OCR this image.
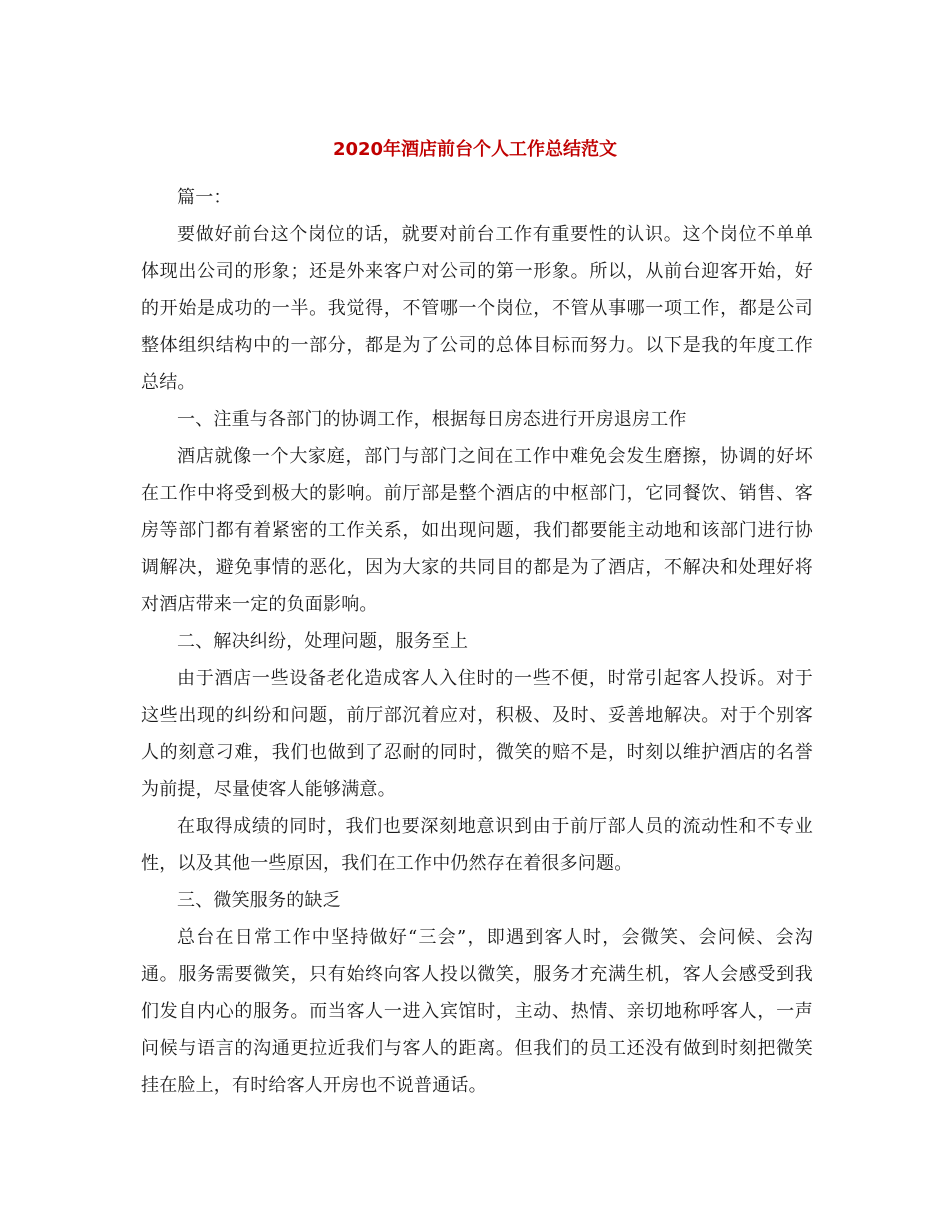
2020年酒店前台个人工作总结范文

篇一：

要做好前台这个岗位的话，就要对前台工作有重要性的认识。这个岗位不单单体现出公司的形象；还是外来客户对公司的第一形象。所以，从前台迎客开始，好的开始是成功的一半。我觉得，不管哪一个岗位，不管从事哪一项工作，都是公司整体组织结构中的一部分，都是为了公司的总体目标而努力。以下是我的年度工作总结。

一、注重与各部门的协调工作，根据每日房态进行开房退房工作

酒店就像一个大家庭，部门与部门之间在工作中难免会发生磨擦，协调的好坏在工作中将受到极大的影响。前厅部是整个酒店的中枢部门，它同餐饮、销售、客房等部门都有着紧密的工作关系，如出现问题，我们都要能主动地和该部门进行协调解决，避免事情的恶化，因为大家的共同目的都是为了酒店，不解决和处理好将对酒店带来一定的负面影响。

二、解决纠纷，处理问题，服务至上

由于酒店一些设备老化造成客人入住时的一些不便，时常引起客人投诉。对于这些出现的纠纷和问题，前厅部沉着应对，积极、及时、妥善地解决。对于个别客人的刻意刁难，我们也做到了忍耐的同时，微笑的赔不是，时刻以维护酒店的名誉为前提，尽量使客人能够满意。

在取得成绩的同时，我们也要深刻地意识到由于前厅部人员的流动性和不专业性，以及其他一些原因，我们在工作中仍然存在着很多问题。

三、微笑服务的缺乏

总台在日常工作中坚持做好“三会”，即遇到客人时，会微笑、会问候、会沟通。服务需要微笑，只有始终向客人投以微笑，服务才充满生机，客人会感受到我们发自内心的服务。而当客人一进入宾馆时，主动、热情、亲切地称呼客人，一声问候与语言的沟通更拉近我们与客人的距离。但我们的员工还没有做到时刻把微笑挂在脸上，有时给客人开房也不说普通话。
